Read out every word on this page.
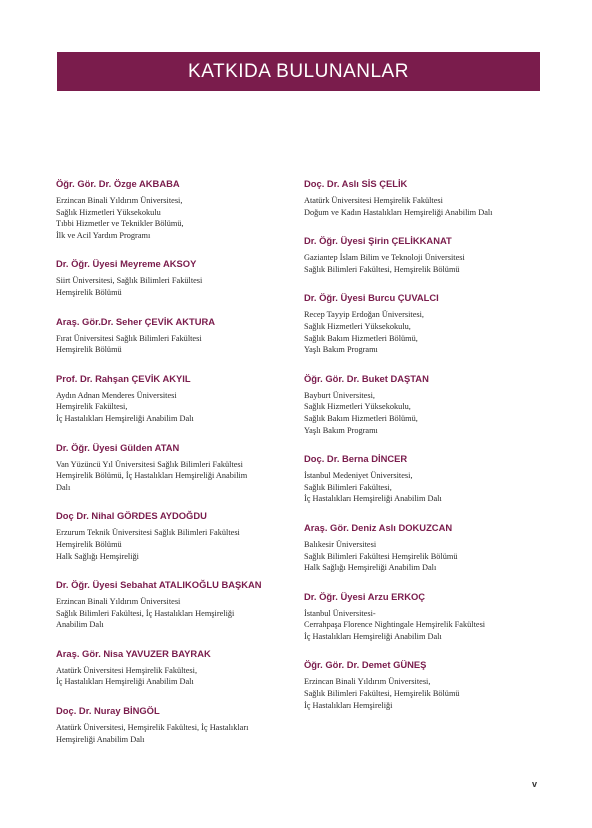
KATKIDA BULUNANLAR

Öğr. Gör. Dr. Özge AKBABA

Erzincan Binali Yıldırım Üniversitesi,
Sağlık Hizmetleri Yüksekokulu
Tıbbi Hizmetler ve Teknikler Bölümü,
İlk ve Acil Yardım Programı

Dr. Öğr. Üyesi Meyreme AKSOY

Siirt Üniversitesi, Sağlık Bilimleri Fakültesi
Hemşirelik Bölümü

Araş. Gör.Dr. Seher ÇEVİK AKTURA

Fırat Üniversitesi Sağlık Bilimleri Fakültesi
Hemşirelik Bölümü

Prof. Dr. Rahşan ÇEVİK AKYIL

Aydın Adnan Menderes Üniversitesi
Hemşirelik Fakültesi,
İç Hastalıkları Hemşireliği Anabilim Dalı

Dr. Öğr. Üyesi Gülden ATAN

Van Yüzüncü Yıl Üniversitesi Sağlık Bilimleri Fakültesi
Hemşirelik Bölümü, İç Hastalıkları Hemşireliği Anabilim
Dalı

Doç Dr. Nihal GÖRDES AYDOĞDU

Erzurum Teknik Üniversitesi Sağlık Bilimleri Fakültesi
Hemşirelik Bölümü
Halk Sağlığı Hemşireliği

Dr. Öğr. Üyesi Sebahat ATALIKOĞLU BAŞKAN

Erzincan Binali Yıldırım Üniversitesi
Sağlık Bilimleri Fakültesi, İç Hastalıkları Hemşireliği
Anabilim Dalı

Araş. Gör. Nisa YAVUZER BAYRAK

Atatürk Üniversitesi Hemşirelik Fakültesi,
İç Hastalıkları Hemşireliği Anabilim Dalı

Doç. Dr. Nuray BİNGÖL

Atatürk Üniversitesi, Hemşirelik Fakültesi, İç Hastalıkları
Hemşireliği Anabilim Dalı

Doç. Dr. Aslı SİS ÇELİK

Atatürk Üniversitesi Hemşirelik Fakültesi
Doğum ve Kadın Hastalıkları Hemşireliği Anabilim Dalı

Dr. Öğr. Üyesi Şirin ÇELİKKANAT

Gaziantep İslam Bilim ve Teknoloji Üniversitesi
Sağlık Bilimleri Fakültesi, Hemşirelik Bölümü

Dr. Öğr. Üyesi Burcu ÇUVALCI

Recep Tayyip Erdoğan Üniversitesi,
Sağlık Hizmetleri Yüksekokulu,
Sağlık Bakım Hizmetleri Bölümü,
Yaşlı Bakım Programı

Öğr. Gör. Dr. Buket DAŞTAN

Bayburt Üniversitesi,
Sağlık Hizmetleri Yüksekokulu,
Sağlık Bakım Hizmetleri Bölümü,
Yaşlı Bakım Programı

Doç. Dr. Berna DİNCER

İstanbul Medeniyet Üniversitesi,
Sağlık Bilimleri Fakültesi,
İç Hastalıkları Hemşireliği Anabilim Dalı

Araş. Gör. Deniz Aslı DOKUZCAN

Balıkesir Üniversitesi
Sağlık Bilimleri Fakültesi Hemşirelik Bölümü
Halk Sağlığı Hemşireliği Anabilim Dalı

Dr. Öğr. Üyesi Arzu ERKOÇ

İstanbul Üniversitesi-
Cerrahpaşa Florence Nightingale Hemşirelik Fakültesi
İç Hastalıkları Hemşireliği Anabilim Dalı

Öğr. Gör. Dr. Demet GÜNEŞ

Erzincan Binali Yıldırım Üniversitesi,
Sağlık Bilimleri Fakültesi, Hemşirelik Bölümü
İç Hastalıkları Hemşireliği

v
